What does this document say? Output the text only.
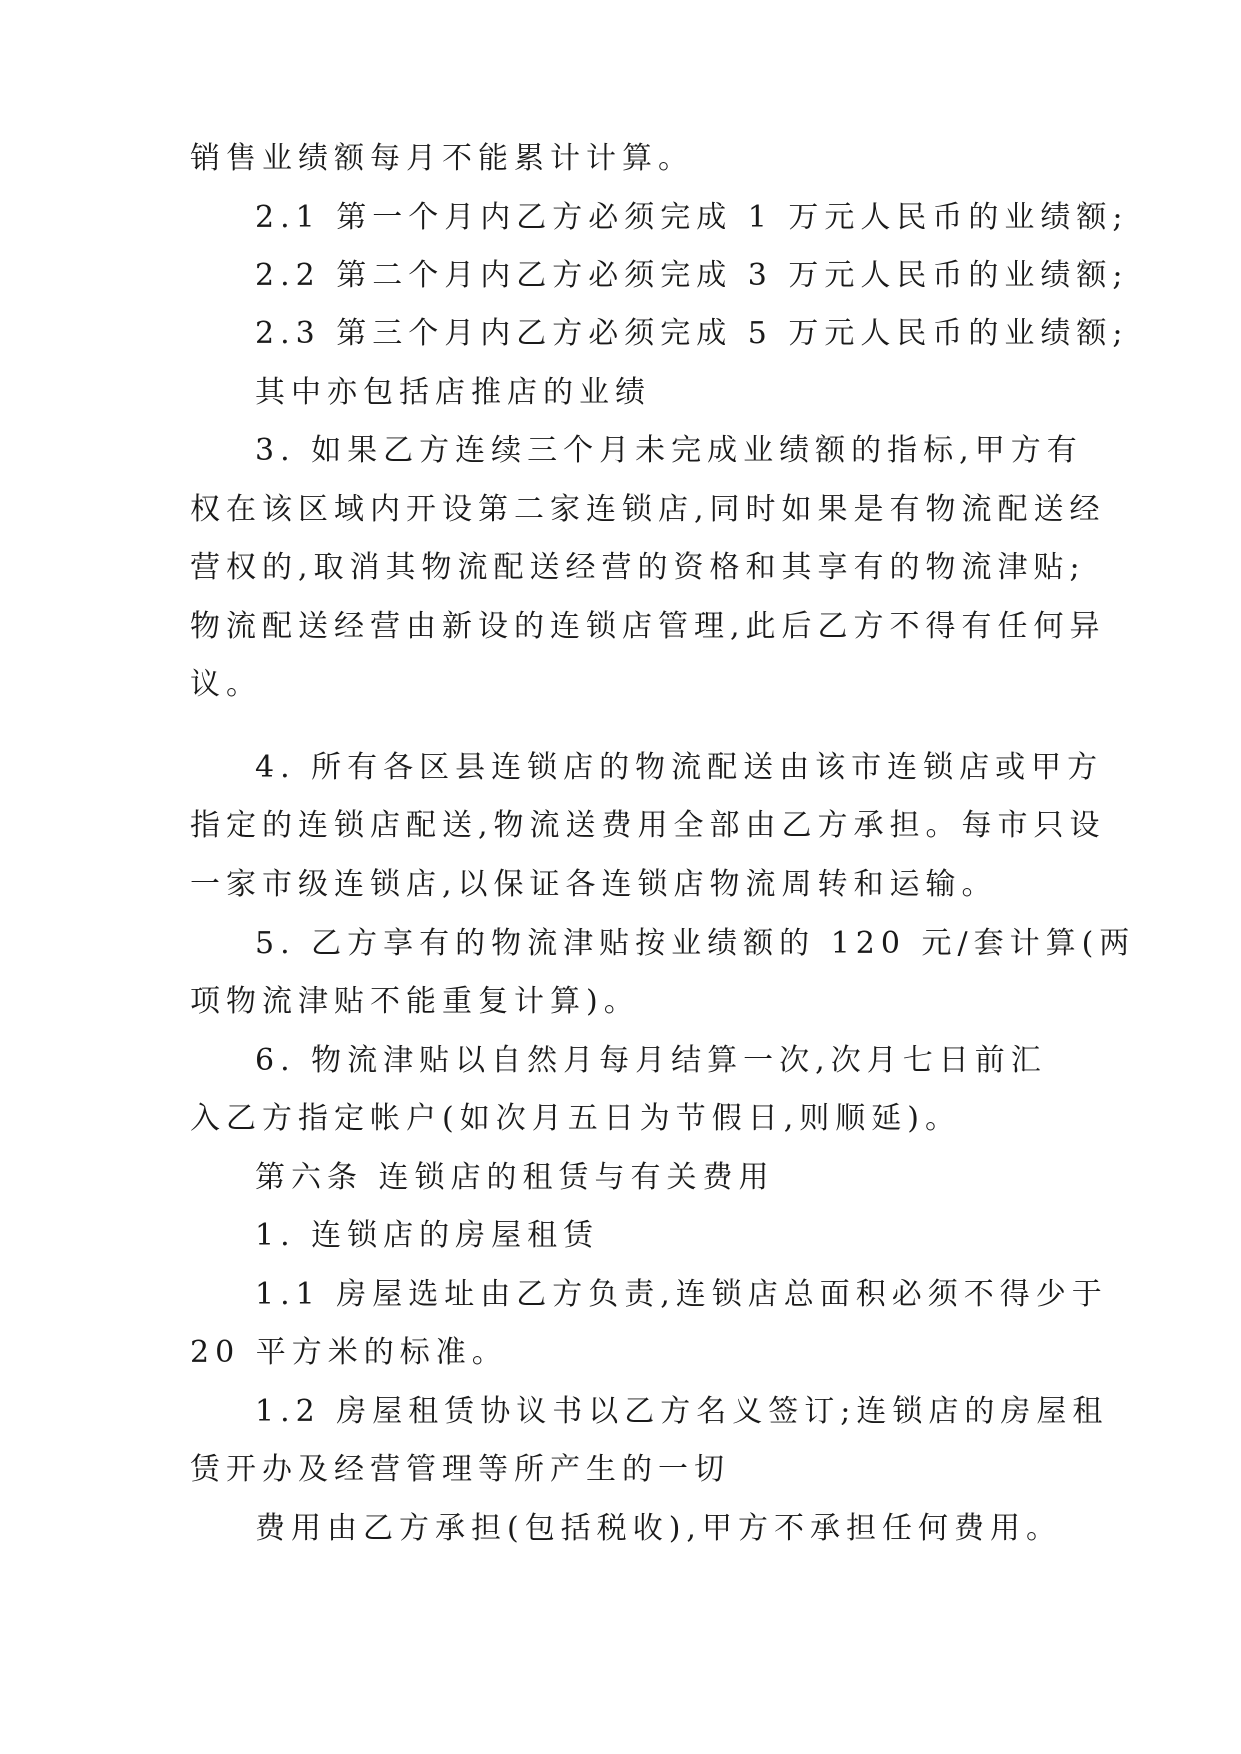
销售业绩额每月不能累计计算。
2.1 第一个月内乙方必须完成 1 万元人民币的业绩额;
2.2 第二个月内乙方必须完成 3 万元人民币的业绩额;
2.3 第三个月内乙方必须完成 5 万元人民币的业绩额;
其中亦包括店推店的业绩
3. 如果乙方连续三个月未完成业绩额的指标,甲方有
权在该区域内开设第二家连锁店,同时如果是有物流配送经
营权的,取消其物流配送经营的资格和其享有的物流津贴;
物流配送经营由新设的连锁店管理,此后乙方不得有任何异
议。
4. 所有各区县连锁店的物流配送由该市连锁店或甲方
指定的连锁店配送,物流送费用全部由乙方承担。每市只设
一家市级连锁店,以保证各连锁店物流周转和运输。
5. 乙方享有的物流津贴按业绩额的 120 元/套计算(两
项物流津贴不能重复计算)。
6. 物流津贴以自然月每月结算一次,次月七日前汇
入乙方指定帐户(如次月五日为节假日,则顺延)。
第六条 连锁店的租赁与有关费用
1. 连锁店的房屋租赁
1.1 房屋选址由乙方负责,连锁店总面积必须不得少于
20 平方米的标准。
1.2 房屋租赁协议书以乙方名义签订;连锁店的房屋租
赁开办及经营管理等所产生的一切
费用由乙方承担(包括税收),甲方不承担任何费用。
